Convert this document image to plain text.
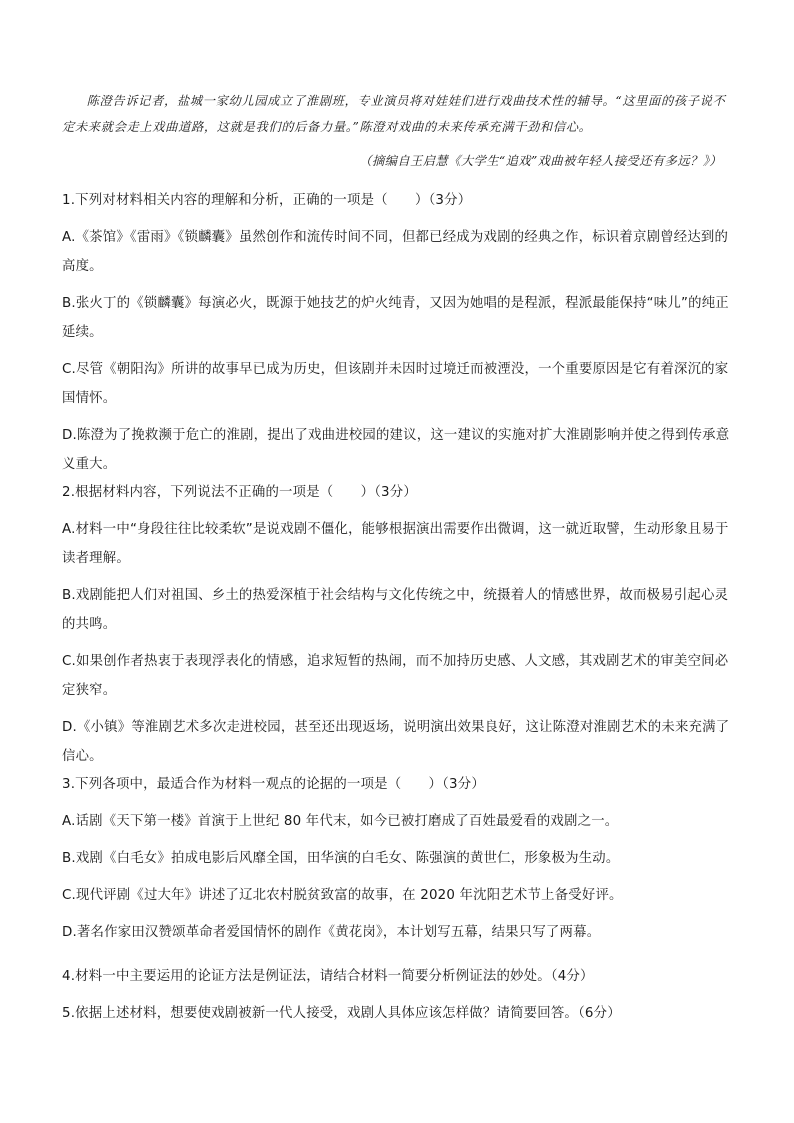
陈澄告诉记者，盐城一家幼儿园成立了淮剧班，专业演员将对娃娃们进行戏曲技术性的辅导。“这里面的孩子说不定未来就会走上戏曲道路，这就是我们的后备力量。”陈澄对戏曲的未来传承充满干劲和信心。

（摘编自王启慧《大学生“追戏”戏曲被年轻人接受还有多远？》）

1.下列对材料相关内容的理解和分析，正确的一项是（　　）（3分）

A.《茶馆》《雷雨》《锁麟囊》虽然创作和流传时间不同，但都已经成为戏剧的经典之作，标识着京剧曾经达到的高度。

B.张火丁的《锁麟囊》每演必火，既源于她技艺的炉火纯青，又因为她唱的是程派，程派最能保持“味儿”的纯正延续。

C.尽管《朝阳沟》所讲的故事早已成为历史，但该剧并未因时过境迁而被湮没，一个重要原因是它有着深沉的家国情怀。

D.陈澄为了挽救濒于危亡的淮剧，提出了戏曲进校园的建议，这一建议的实施对扩大淮剧影响并使之得到传承意义重大。

2.根据材料内容，下列说法不正确的一项是（　　）（3分）

A.材料一中“身段往往比较柔软”是说戏剧不僵化，能够根据演出需要作出微调，这一就近取譬，生动形象且易于读者理解。

B.戏剧能把人们对祖国、乡土的热爱深植于社会结构与文化传统之中，统摄着人的情感世界，故而极易引起心灵的共鸣。

C.如果创作者热衷于表现浮表化的情感，追求短暂的热闹，而不加持历史感、人文感，其戏剧艺术的审美空间必定狭窄。

D.《小镇》等淮剧艺术多次走进校园，甚至还出现返场，说明演出效果良好，这让陈澄对淮剧艺术的未来充满了信心。

3.下列各项中，最适合作为材料一观点的论据的一项是（　　）（3分）

A.话剧《天下第一楼》首演于上世纪 80 年代末，如今已被打磨成了百姓最爱看的戏剧之一。

B.戏剧《白毛女》拍成电影后风靡全国，田华演的白毛女、陈强演的黄世仁，形象极为生动。

C.现代评剧《过大年》讲述了辽北农村脱贫致富的故事，在 2020 年沈阳艺术节上备受好评。

D.著名作家田汉赞颂革命者爱国情怀的剧作《黄花岗》，本计划写五幕，结果只写了两幕。

4.材料一中主要运用的论证方法是例证法，请结合材料一简要分析例证法的妙处。（4分）

5.依据上述材料，想要使戏剧被新一代人接受，戏剧人具体应该怎样做？请简要回答。（6分）
